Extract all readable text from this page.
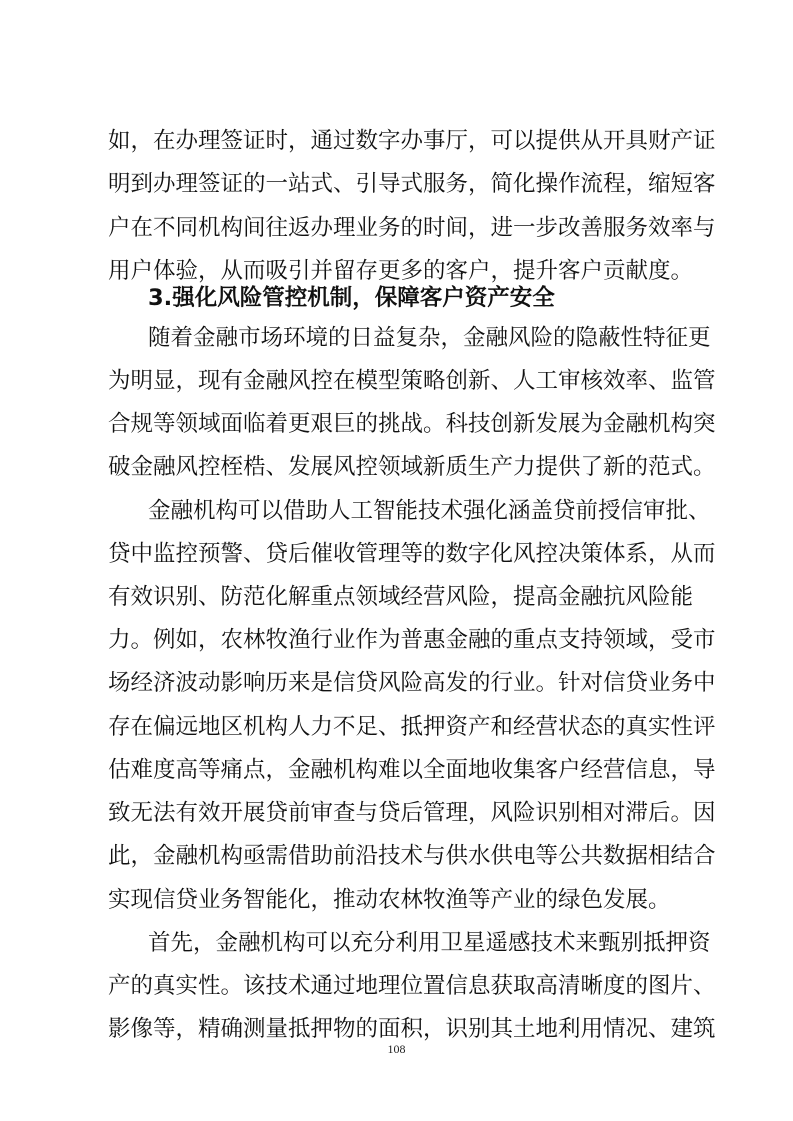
如，在办理签证时，通过数字办事厅，可以提供从开具财产证
明到办理签证的一站式、引导式服务，简化操作流程，缩短客
户在不同机构间往返办理业务的时间，进一步改善服务效率与
用户体验，从而吸引并留存更多的客户，提升客户贡献度。
3.强化风险管控机制，保障客户资产安全
随着金融市场环境的日益复杂，金融风险的隐蔽性特征更
为明显，现有金融风控在模型策略创新、人工审核效率、监管
合规等领域面临着更艰巨的挑战。科技创新发展为金融机构突
破金融风控桎梏、发展风控领域新质生产力提供了新的范式。
金融机构可以借助人工智能技术强化涵盖贷前授信审批、
贷中监控预警、贷后催收管理等的数字化风控决策体系，从而
有效识别、防范化解重点领域经营风险，提高金融抗风险能
力。例如，农林牧渔行业作为普惠金融的重点支持领域，受市
场经济波动影响历来是信贷风险高发的行业。针对信贷业务中
存在偏远地区机构人力不足、抵押资产和经营状态的真实性评
估难度高等痛点，金融机构难以全面地收集客户经营信息，导
致无法有效开展贷前审查与贷后管理，风险识别相对滞后。因
此，金融机构亟需借助前沿技术与供水供电等公共数据相结合
实现信贷业务智能化，推动农林牧渔等产业的绿色发展。
首先，金融机构可以充分利用卫星遥感技术来甄别抵押资
产的真实性。该技术通过地理位置信息获取高清晰度的图片、
影像等，精确测量抵押物的面积，识别其土地利用情况、建筑
108
